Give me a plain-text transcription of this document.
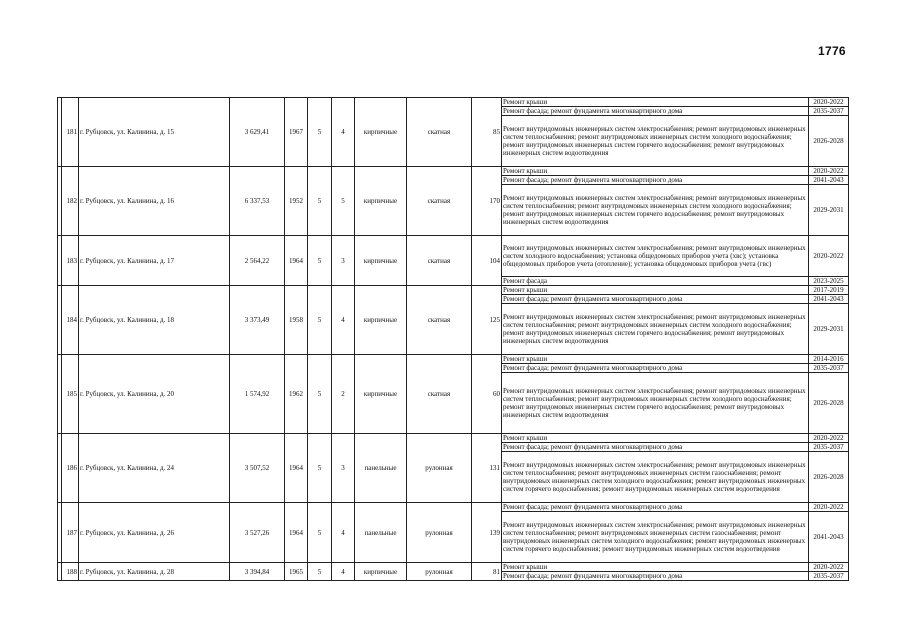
1776
	181	г. Рубцовск, ул. Калинина, д. 15	3 629,41	1967	5	4	кирпичные	скатная	85	Ремонт крыши	2020-2022
										Ремонт фасада; ремонт фундамента многоквартирного дома	2035-2037
										Ремонт внутридомовых инженерных систем электроснабжения; ремонт внутридомовых инженерных систем теплоснабжения; ремонт внутридомовых инженерных систем холодного водоснабжения; ремонт внутридомовых инженерных систем горячего водоснабжения; ремонт внутридомовых инженерных систем водоотведения	2026-2028
	182	г. Рубцовск, ул. Калинина, д. 16	6 337,53	1952	5	5	кирпичные	скатная	170	Ремонт крыши	2020-2022
										Ремонт фасада; ремонт фундамента многоквартирного дома	2041-2043
										Ремонт внутридомовых инженерных систем электроснабжения; ремонт внутридомовых инженерных систем теплоснабжения; ремонт внутридомовых инженерных систем холодного водоснабжения; ремонт внутридомовых инженерных систем горячего водоснабжения; ремонт внутридомовых инженерных систем водоотведения	2029-2031
	183	г. Рубцовск, ул. Калинина, д. 17	2 564,22	1964	5	3	кирпичные	скатная	104	Ремонт внутридомовых инженерных систем электроснабжения; ремонт внутридомовых инженерных систем холодного водоснабжения; установка общедомовых приборов учета (хвс); установка общедомовых приборов учета (отопление); установка общедомовых приборов учета (гвс)	2020-2022
										Ремонт фасада	2023-2025
	184	г. Рубцовск, ул. Калинина, д. 18	3 373,49	1958	5	4	кирпичные	скатная	125	Ремонт крыши	2017-2019
										Ремонт фасада; ремонт фундамента многоквартирного дома	2041-2043
										Ремонт внутридомовых инженерных систем электроснабжения; ремонт внутридомовых инженерных систем теплоснабжения; ремонт внутридомовых инженерных систем холодного водоснабжения; ремонт внутридомовых инженерных систем горячего водоснабжения; ремонт внутридомовых инженерных систем водоотведения	2029-2031
	185	г. Рубцовск, ул. Калинина, д. 20	1 574,92	1962	5	2	кирпичные	скатная	60	Ремонт крыши	2014-2016
										Ремонт фасада; ремонт фундамента многоквартирного дома	2035-2037
										Ремонт внутридомовых инженерных систем электроснабжения; ремонт внутридомовых инженерных систем теплоснабжения; ремонт внутридомовых инженерных систем холодного водоснабжения; ремонт внутридомовых инженерных систем горячего водоснабжения; ремонт внутридомовых инженерных систем водоотведения	2026-2028
	186	г. Рубцовск, ул. Калинина, д. 24	3 507,52	1964	5	3	панельные	рулонная	131	Ремонт крыши	2020-2022
										Ремонт фасада; ремонт фундамента многоквартирного дома	2035-2037
										Ремонт внутридомовых инженерных систем электроснабжения; ремонт внутридомовых инженерных систем теплоснабжения; ремонт внутридомовых инженерных систем газоснабжения; ремонт внутридомовых инженерных систем холодного водоснабжения; ремонт внутридомовых инженерных систем горячего водоснабжения; ремонт внутридомовых инженерных систем водоотведения	2026-2028
	187	г. Рубцовск, ул. Калинина, д. 26	3 527,26	1964	5	4	панельные	рулонная	139	Ремонт фасада; ремонт фундамента многоквартирного дома	2020-2022
										Ремонт внутридомовых инженерных систем электроснабжения; ремонт внутридомовых инженерных систем теплоснабжения; ремонт внутридомовых инженерных систем газоснабжения; ремонт внутридомовых инженерных систем холодного водоснабжения; ремонт внутридомовых инженерных систем горячего водоснабжения; ремонт внутридомовых инженерных систем водоотведения	2041-2043
	188	г. Рубцовск, ул. Калинина, д. 28	3 394,84	1965	5	4	кирпичные	рулонная	81	Ремонт крыши	2020-2022
										Ремонт фасада; ремонт фундамента многоквартирного дома	2035-2037
